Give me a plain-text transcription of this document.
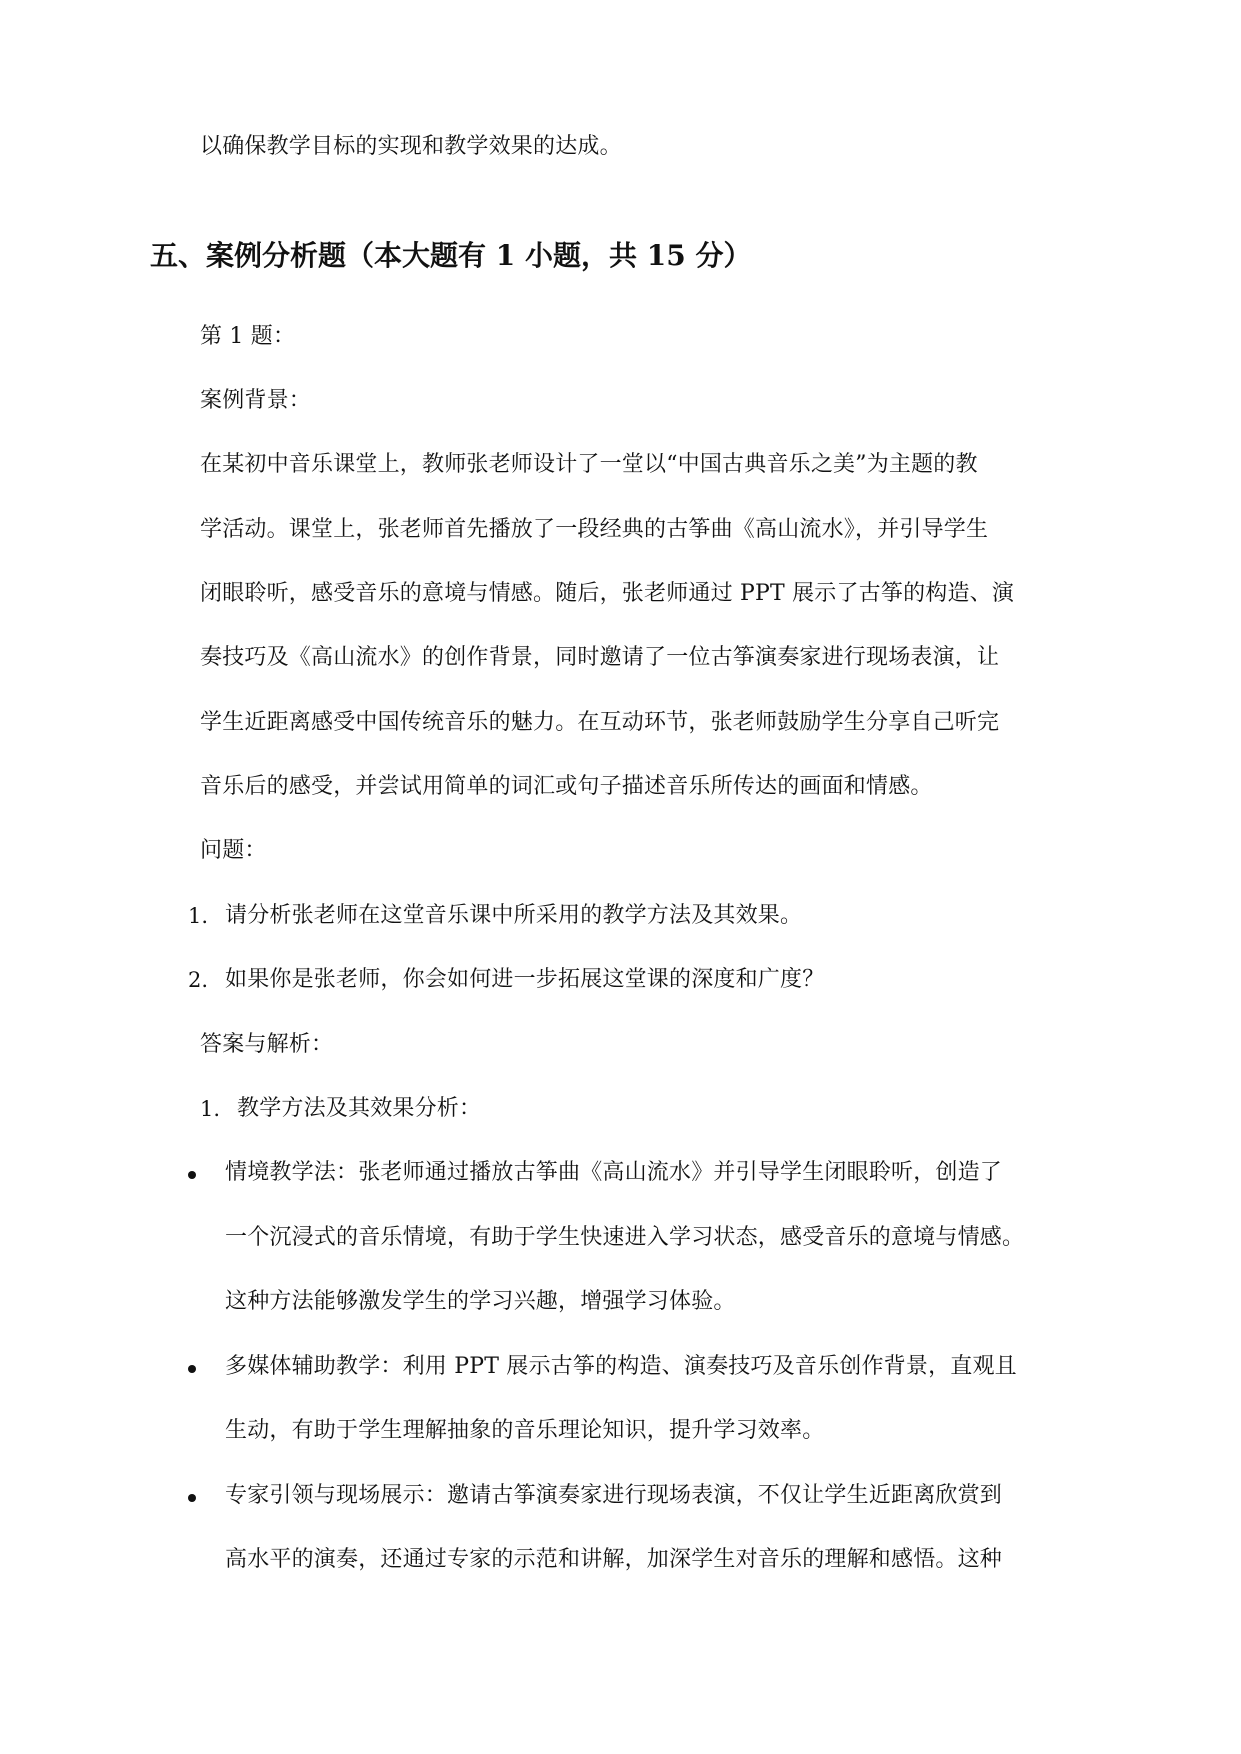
以确保教学目标的实现和教学效果的达成。
五、案例分析题（本大题有 1 小题，共 15 分）
第 1 题：
案例背景：
在某初中音乐课堂上，教师张老师设计了一堂以“中国古典音乐之美”为主题的教
学活动。课堂上，张老师首先播放了一段经典的古筝曲《高山流水》，并引导学生
闭眼聆听，感受音乐的意境与情感。随后，张老师通过 PPT 展示了古筝的构造、演
奏技巧及《高山流水》的创作背景，同时邀请了一位古筝演奏家进行现场表演，让
学生近距离感受中国传统音乐的魅力。在互动环节，张老师鼓励学生分享自己听完
音乐后的感受，并尝试用简单的词汇或句子描述音乐所传达的画面和情感。
问题：
1. 请分析张老师在这堂音乐课中所采用的教学方法及其效果。
2. 如果你是张老师，你会如何进一步拓展这堂课的深度和广度？
答案与解析：
1. 教学方法及其效果分析：
情境教学法：张老师通过播放古筝曲《高山流水》并引导学生闭眼聆听，创造了
一个沉浸式的音乐情境，有助于学生快速进入学习状态，感受音乐的意境与情感。
这种方法能够激发学生的学习兴趣，增强学习体验。
多媒体辅助教学：利用 PPT 展示古筝的构造、演奏技巧及音乐创作背景，直观且
生动，有助于学生理解抽象的音乐理论知识，提升学习效率。
专家引领与现场展示：邀请古筝演奏家进行现场表演，不仅让学生近距离欣赏到
高水平的演奏，还通过专家的示范和讲解，加深学生对音乐的理解和感悟。这种
